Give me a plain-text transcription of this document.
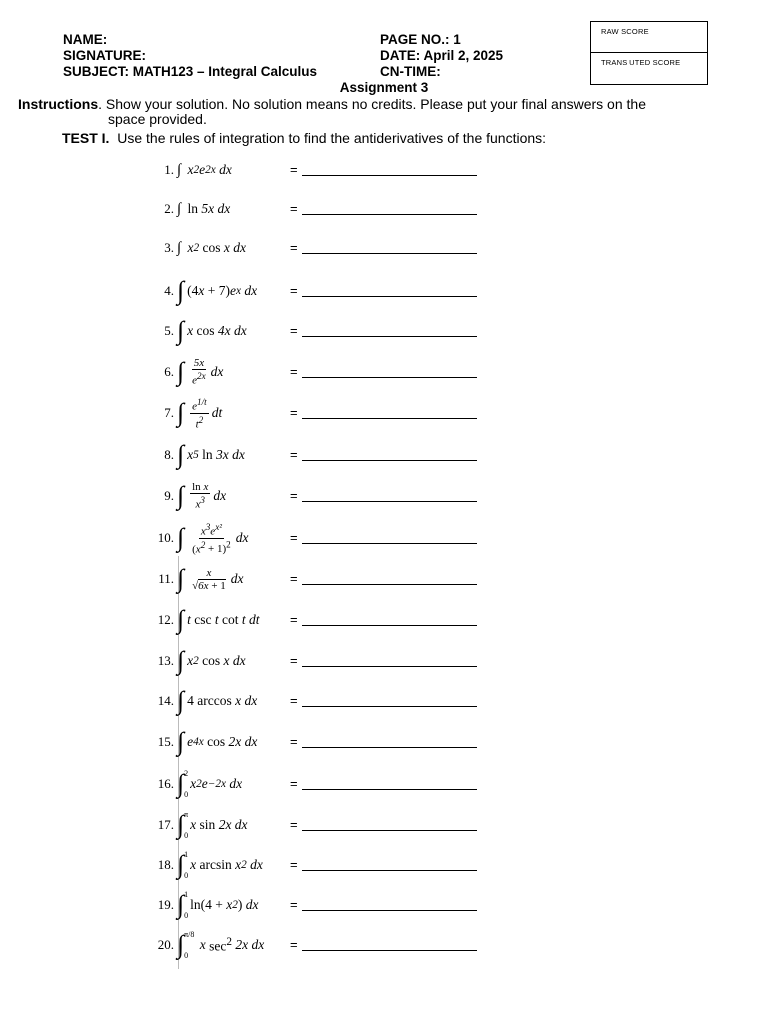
NAME:
SIGNATURE:
SUBJECT: MATH123 – Integral Calculus
PAGE NO.: 1
DATE: April 2, 2025
CN-TIME:
RAW SCORE
TRANS UTED SCORE
Assignment 3
Instructions. Show your solution. No solution means no credits. Please put your final answers on the
space provided.
TEST I. Use the rules of integration to find the antiderivatives of the functions:
1. ∫ x 2 e 2x dx	=
2. ∫
ln 5x dx	=
3. ∫ x 2
cos x dx	=
4. ∫ (4 x + 7) e x dx	=
5. ∫ x cos 4x dx	=
6. ∫ $\frac{5x}{e^{2x}}$ dx	=
7. ∫ $\frac{e^{1/t}}{t^2}$ dt	=
8. ∫ x 5
ln 3x dx	=
9. ∫ $\frac{\text{ln x}}{x^3}$ dx	=
10. ∫ $\frac{x^3e^{x^2}}{(x^2 + 1)^2}$ dx	=
11. ∫ $\frac{x}{√6x + 1}$ dx	=
12. ∫ t csc t cot t dt =
13. ∫ x 2
cos x dx	=
14. ∫ 4 arccos x dx	=
15. ∫ e 4x
cos 2x dx	=
16. ∫ 2
0
x 2 e −2x dx	=
17. ∫ π
0
x sin 2x dx	=
18. ∫ 1
0
x arcsin x 2 dx =
19. ∫ 1
0
ln(4 + x 2 ) dx =
20. ∫ π/8
0
x $\sec^2 2x$ dx =
